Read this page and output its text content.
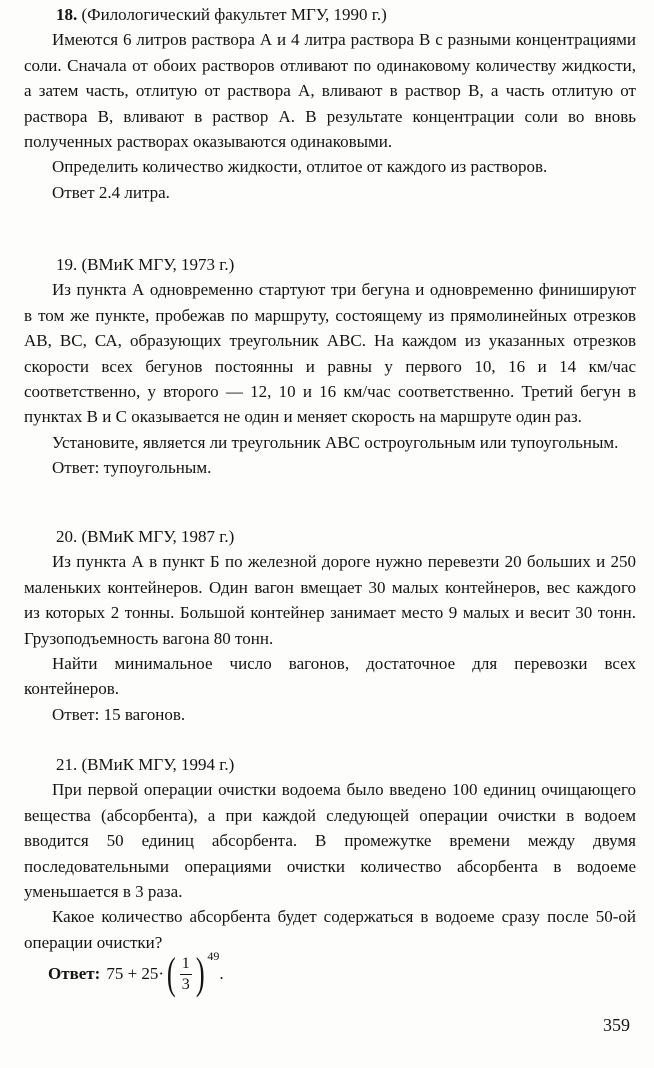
18. (Филологический факультет МГУ, 1990 г.)

Имеются 6 литров раствора А и 4 литра раствора В с разными концентрациями соли. Сначала от обоих растворов отливают по одинаковому количеству жидкости, а затем часть, отлитую от раствора А, вливают в раствор В, а часть отлитую от раствора В, вливают в раствор А. В результате концентрации соли во вновь полученных растворах оказываются одинаковыми.

Определить количество жидкости, отлитое от каждого из растворов.

Ответ 2.4 литра.

19. (ВМиК МГУ, 1973 г.)

Из пункта А одновременно стартуют три бегуна и одновременно финишируют в том же пункте, пробежав по маршруту, состоящему из прямолинейных отрезков АВ, ВС, СА, образующих треугольник АВС. На каждом из указанных отрезков скорости всех бегунов постоянны и равны у первого 10, 16 и 14 км/час соответственно, у второго — 12, 10 и 16 км/час соответственно. Третий бегун в пунктах В и С оказывается не один и меняет скорость на маршруте один раз.

Установите, является ли треугольник АВС остроугольным или тупоугольным.

Ответ: тупоугольным.

20. (ВМиК МГУ, 1987 г.)

Из пункта А в пункт Б по железной дороге нужно перевезти 20 больших и 250 маленьких контейнеров. Один вагон вмещает 30 малых контейнеров, вес каждого из которых 2 тонны. Большой контейнер занимает место 9 малых и весит 30 тонн. Грузоподъемность вагона 80 тонн.

Найти минимальное число вагонов, достаточное для перевозки всех контейнеров.

Ответ: 15 вагонов.

21. (ВМиК МГУ, 1994 г.)

При первой операции очистки водоема было введено 100 единиц очищающего вещества (абсорбента), а при каждой следующей операции очистки в водоем вводится 50 единиц абсорбента. В промежутке времени между двумя последовательными операциями очистки количество абсорбента в водоеме уменьшается в 3 раза.

Какое количество абсорбента будет содержаться в водоеме сразу после 50-ой операции очистки?

Ответ: 75 + 25· ( $\frac{1}{3}$ ) 49
.
359
